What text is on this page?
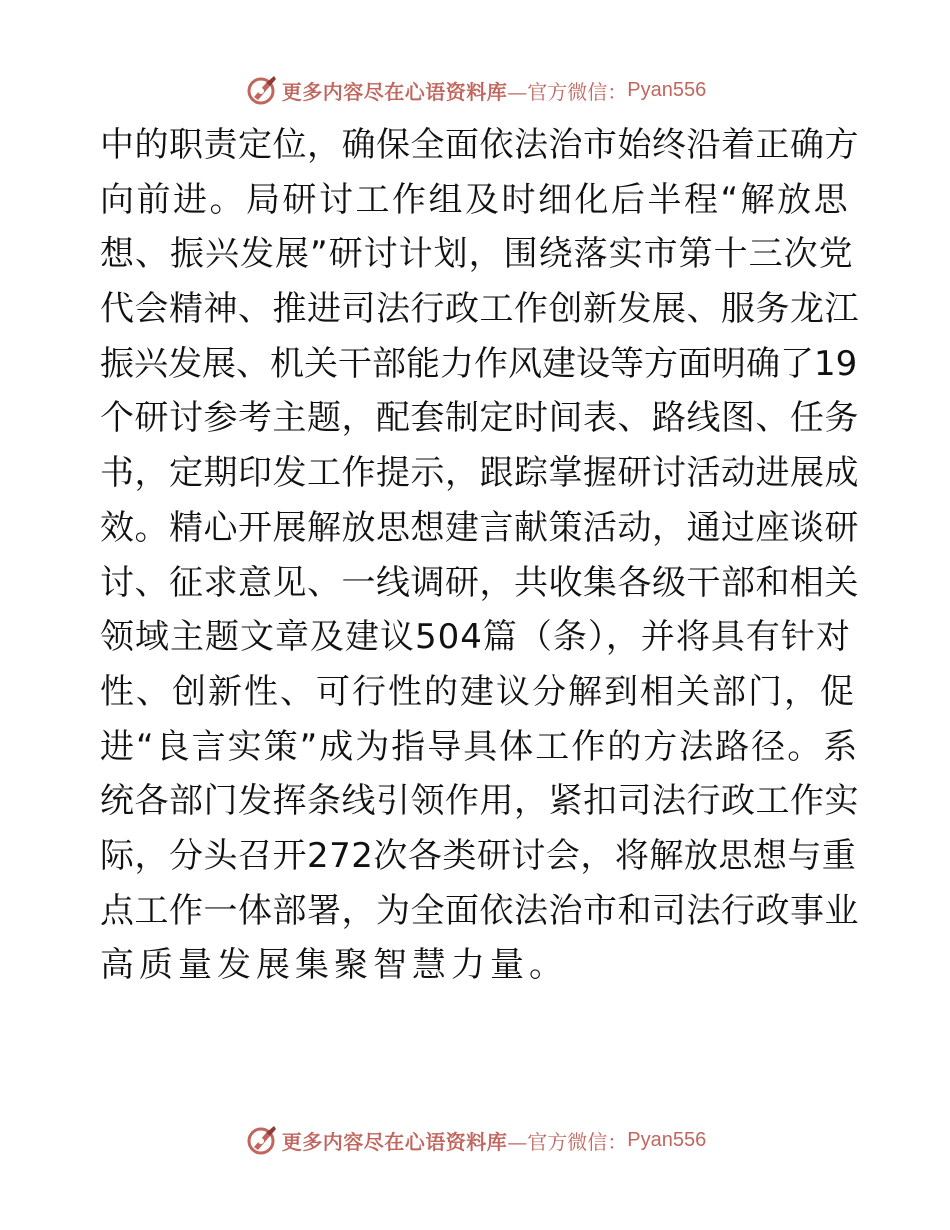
更多内容尽在心语资料库 —官方微信： Pyan556
中的职责定位，确保全面依法治市始终沿着正确方
向前进。局研讨工作组及时细化后半程“解放思
想、振兴发展”研讨计划，围绕落实市第十三次党
代会精神、推进司法行政工作创新发展、服务龙江
振兴发展、机关干部能力作风建设等方面明确了19
个研讨参考主题，配套制定时间表、路线图、任务
书，定期印发工作提示，跟踪掌握研讨活动进展成
效。精心开展解放思想建言献策活动，通过座谈研
讨、征求意见、一线调研，共收集各级干部和相关
领域主题文章及建议504篇（条），并将具有针对
性、创新性、可行性的建议分解到相关部门，促
进“良言实策”成为指导具体工作的方法路径。系
统各部门发挥条线引领作用，紧扣司法行政工作实
际，分头召开272次各类研讨会，将解放思想与重
点工作一体部署，为全面依法治市和司法行政事业
高质量发展集聚智慧力量。
更多内容尽在心语资料库 —官方微信： Pyan556
